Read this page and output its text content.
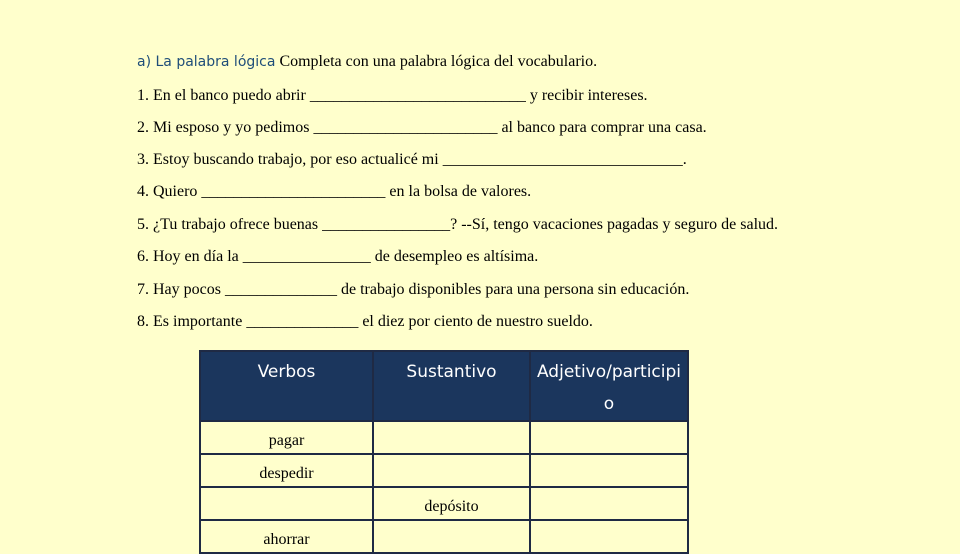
a) La palabra lógica Completa con una palabra lógica del vocabulario.
1. En el banco puedo abrir ___________________________ y recibir intereses.
2. Mi esposo y yo pedimos _______________________ al banco para comprar una casa.
3. Estoy buscando trabajo, por eso actualicé mi ______________________________.
4. Quiero _______________________ en la bolsa de valores.
5. ¿Tu trabajo ofrece buenas ________________? --Sí, tengo vacaciones pagadas y seguro de salud.
6. Hoy en día la ________________ de desempleo es altísima.
7. Hay pocos ______________ de trabajo disponibles para una persona sin educación.
8. Es importante ______________ el diez por ciento de nuestro sueldo.
Verbos	Sustantivo	Adjetivo/participio

pagar		
despedir		
	depósito	
ahorrar		
